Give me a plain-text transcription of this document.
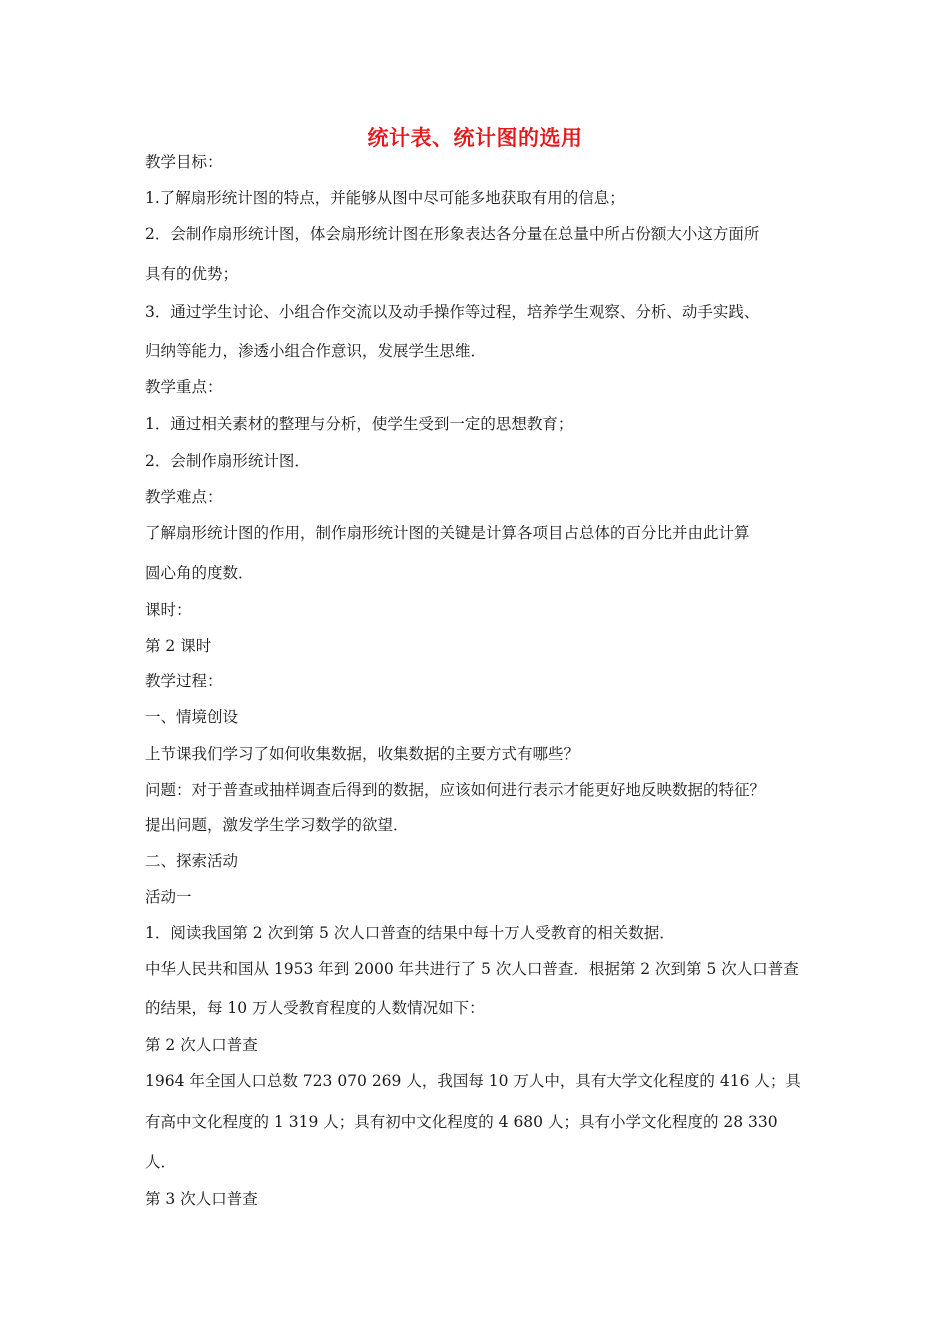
统计表、统计图的选用
教学目标：
1.了解扇形统计图的特点，并能够从图中尽可能多地获取有用的信息；
2．会制作扇形统计图，体会扇形统计图在形象表达各分量在总量中所占份额大小这方面所
具有的优势；
3．通过学生讨论、小组合作交流以及动手操作等过程，培养学生观察、分析、动手实践、
归纳等能力，渗透小组合作意识，发展学生思维．
教学重点：
1．通过相关素材的整理与分析，使学生受到一定的思想教育；
2．会制作扇形统计图．
教学难点：
了解扇形统计图的作用，制作扇形统计图的关键是计算各项目占总体的百分比并由此计算
圆心角的度数．
课时：
第 2 课时
教学过程：
一、情境创设
上节课我们学习了如何收集数据，收集数据的主要方式有哪些？
问题：对于普查或抽样调查后得到的数据，应该如何进行表示才能更好地反映数据的特征？
提出问题，激发学生学习数学的欲望．
二、探索活动
活动一
1．阅读我国第 2 次到第 5 次人口普查的结果中每十万人受教育的相关数据．
中华人民共和国从 1953 年到 2000 年共进行了 5 次人口普查．根据第 2 次到第 5 次人口普查
的结果，每 10 万人受教育程度的人数情况如下：
第 2 次人口普查
1964 年全国人口总数 723 070 269 人，我国每 10 万人中，具有大学文化程度的 416 人；具
有高中文化程度的 1 319 人；具有初中文化程度的 4 680 人；具有小学文化程度的 28 330
人．
第 3 次人口普查
